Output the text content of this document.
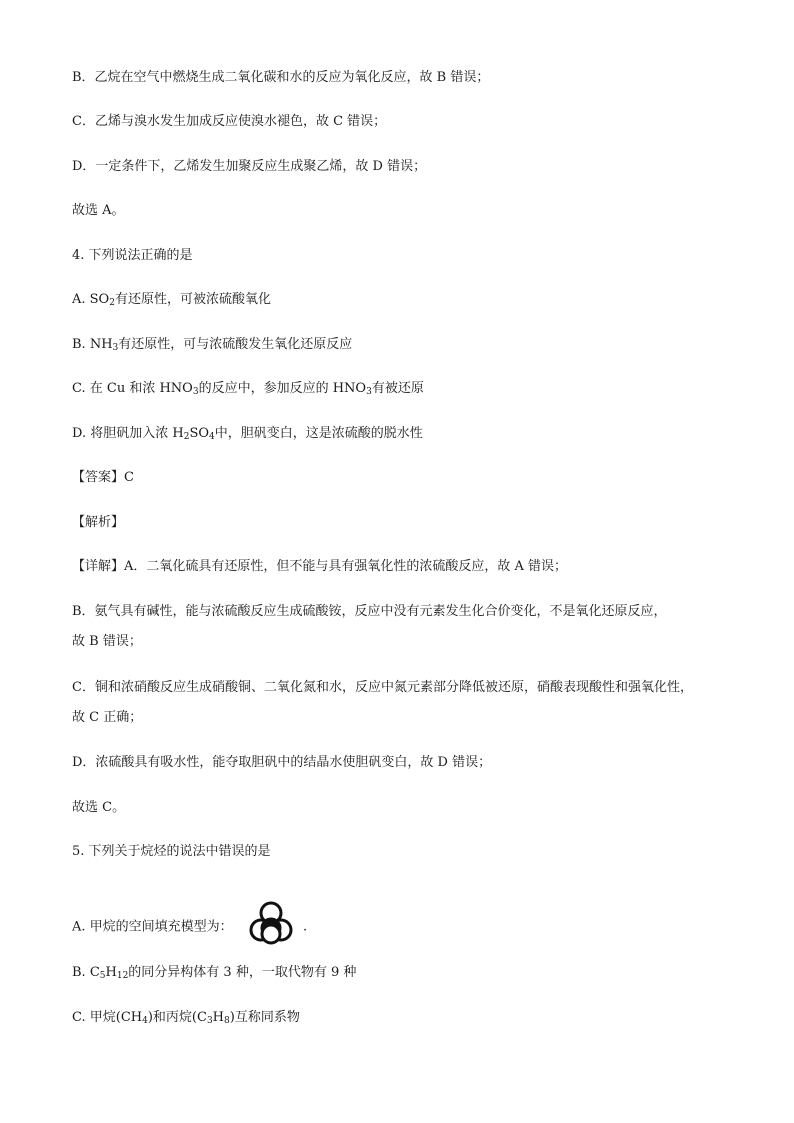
B．乙烷在空气中燃烧生成二氧化碳和水的反应为氧化反应，故 B 错误；
C．乙烯与溴水发生加成反应使溴水褪色，故 C 错误；
D．一定条件下，乙烯发生加聚反应生成聚乙烯，故 D 错误；
故选 A。
4. 下列说法正确的是
A. $SO_2$有还原性，可被浓硫酸氧化
B. $NH_3$有还原性，可与浓硫酸发生氧化还原反应
C. 在 Cu 和浓 $HNO_3$的反应中，参加反应的 $HNO_3$有被还原
D. 将胆矾加入浓 $H_2SO_4$中，胆矾变白，这是浓硫酸的脱水性
【答案】C
【解析】
【详解】A．二氧化硫具有还原性，但不能与具有强氧化性的浓硫酸反应，故 A 错误；
B．氨气具有碱性，能与浓硫酸反应生成硫酸铵，反应中没有元素发生化合价变化，不是氧化还原反应，
故 B 错误；
C．铜和浓硝酸反应生成硝酸铜、二氧化氮和水，反应中氮元素部分降低被还原，硝酸表现酸性和强氧化性，
故 C 正确；
D．浓硫酸具有吸水性，能夺取胆矾中的结晶水使胆矾变白，故 D 错误；
故选 C。
5. 下列关于烷烃的说法中错误的是
A. 甲烷的空间填充模型为：	.
B. $C_5H_{12}$的同分异构体有 3 种，一取代物有 9 种
C. 甲烷$(CH_4)$和丙烷$(C_3H_8)$互称同系物
